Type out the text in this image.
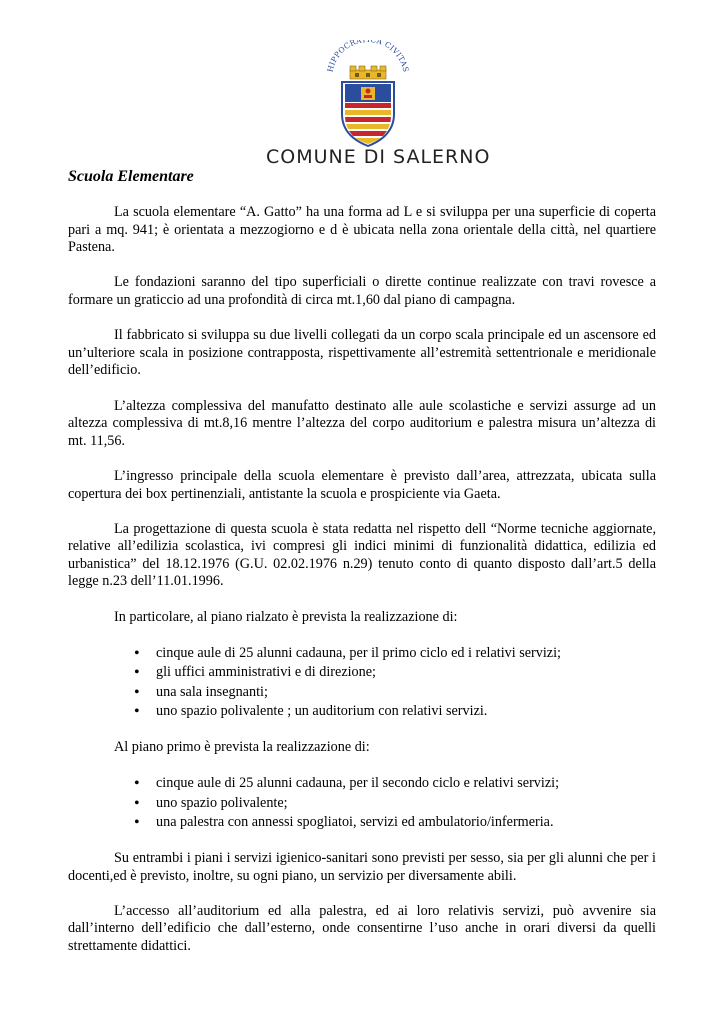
HIPPOCRA A CIVITAS
COMUNE DI SALERNO
Scuola Elementare

La scuola elementare “A. Gatto” ha una forma ad L e si sviluppa per una superficie di coperta pari a mq. 941; è orientata a mezzogiorno e d è ubicata nella zona orientale della città, nel quartiere Pastena.

Le fondazioni saranno del tipo superficiali o dirette continue realizzate con travi rovesce a formare un graticcio ad una profondità di circa mt.1,60 dal piano di campagna.

Il fabbricato si sviluppa su due livelli collegati da un corpo scala principale ed un ascensore ed un’ulteriore scala in posizione contrapposta, rispettivamente all’estremità settentrionale e meridionale dell’edificio.

L’altezza complessiva del manufatto destinato alle aule scolastiche e servizi assurge ad un altezza complessiva di mt.8,16 mentre l’altezza del corpo auditorium e palestra misura un’altezza di mt. 11,56.

L’ingresso principale della scuola elementare è previsto dall’area, attrezzata, ubicata sulla copertura dei box pertinenziali, antistante la scuola e prospiciente via Gaeta.

La progettazione di questa scuola è stata redatta nel rispetto dell “Norme tecniche aggiornate, relative all’edilizia scolastica, ivi compresi gli indici minimi di funzionalità didattica, edilizia ed urbanistica” del 18.12.1976 (G.U. 02.02.1976 n.29) tenuto conto di quanto disposto dall’art.5 della legge n.23 dell’11.01.1996.

In particolare, al piano rialzato è prevista la realizzazione di:

• cinque aule di 25 alunni cadauna, per il primo ciclo ed i relativi servizi;
• gli uffici amministrativi e di direzione;
• una sala insegnanti;
• uno spazio polivalente ; un auditorium con relativi servizi.

Al piano primo è prevista la realizzazione di:

• cinque aule di 25 alunni cadauna, per il secondo ciclo e relativi servizi;
• uno spazio polivalente;
• una palestra con annessi spogliatoi, servizi ed ambulatorio/infermeria.

Su entrambi i piani i servizi igienico-sanitari sono previsti per sesso, sia per gli alunni che per i docenti,ed è previsto, inoltre, su ogni piano, un servizio per diversamente abili.

L’accesso all’auditorium ed alla palestra, ed ai loro relativis servizi, può avvenire sia dall’interno dell’edificio che dall’esterno, onde consentirne l’uso anche in orari diversi da quelli strettamente didattici.
